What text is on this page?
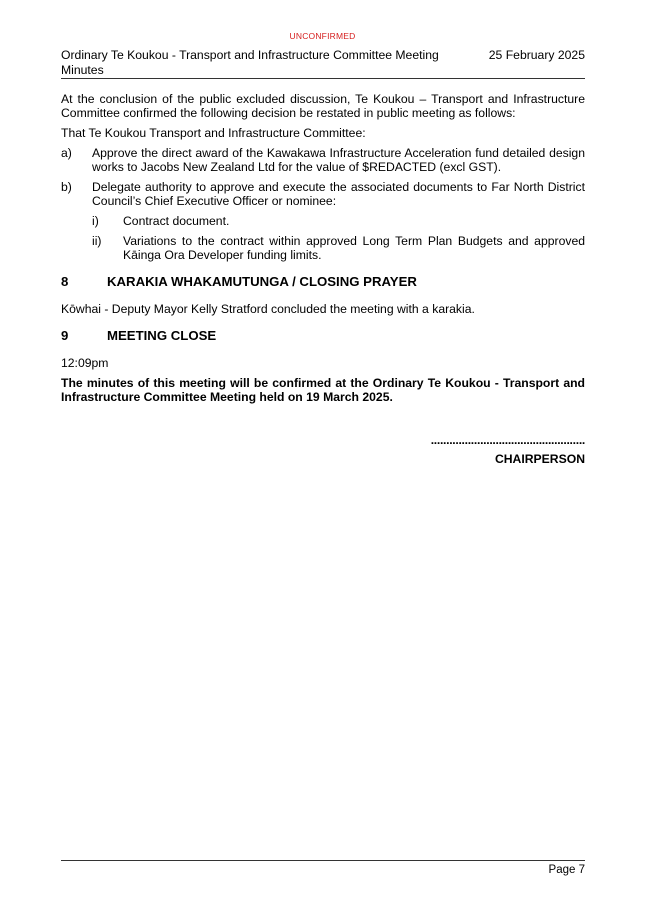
UNCONFIRMED
Ordinary Te Koukou - Transport and Infrastructure Committee Meeting Minutes
25 February 2025

At the conclusion of the public excluded discussion, Te Koukou – Transport and Infrastructure Committee confirmed the following decision be restated in public meeting as follows:

That Te Koukou Transport and Infrastructure Committee:

a) Approve the direct award of the Kawakawa Infrastructure Acceleration fund detailed design works to Jacobs New Zealand Ltd for the value of $REDACTED (excl GST).
b) Delegate authority to approve and execute the associated documents to Far North District Council’s Chief Executive Officer or nominee:
i) Contract document.
ii) Variations to the contract within approved Long Term Plan Budgets and approved Kāinga Ora Developer funding limits.
8	KARAKIA WHAKAMUTUNGA / CLOSING PRAYER

Kōwhai - Deputy Mayor Kelly Stratford concluded the meeting with a karakia.

9	MEETING CLOSE

12:09pm

The minutes of this meeting will be confirmed at the Ordinary Te Koukou - Transport and Infrastructure Committee Meeting held on 19 March 2025.

..................................................
CHAIRPERSON
Page 7
